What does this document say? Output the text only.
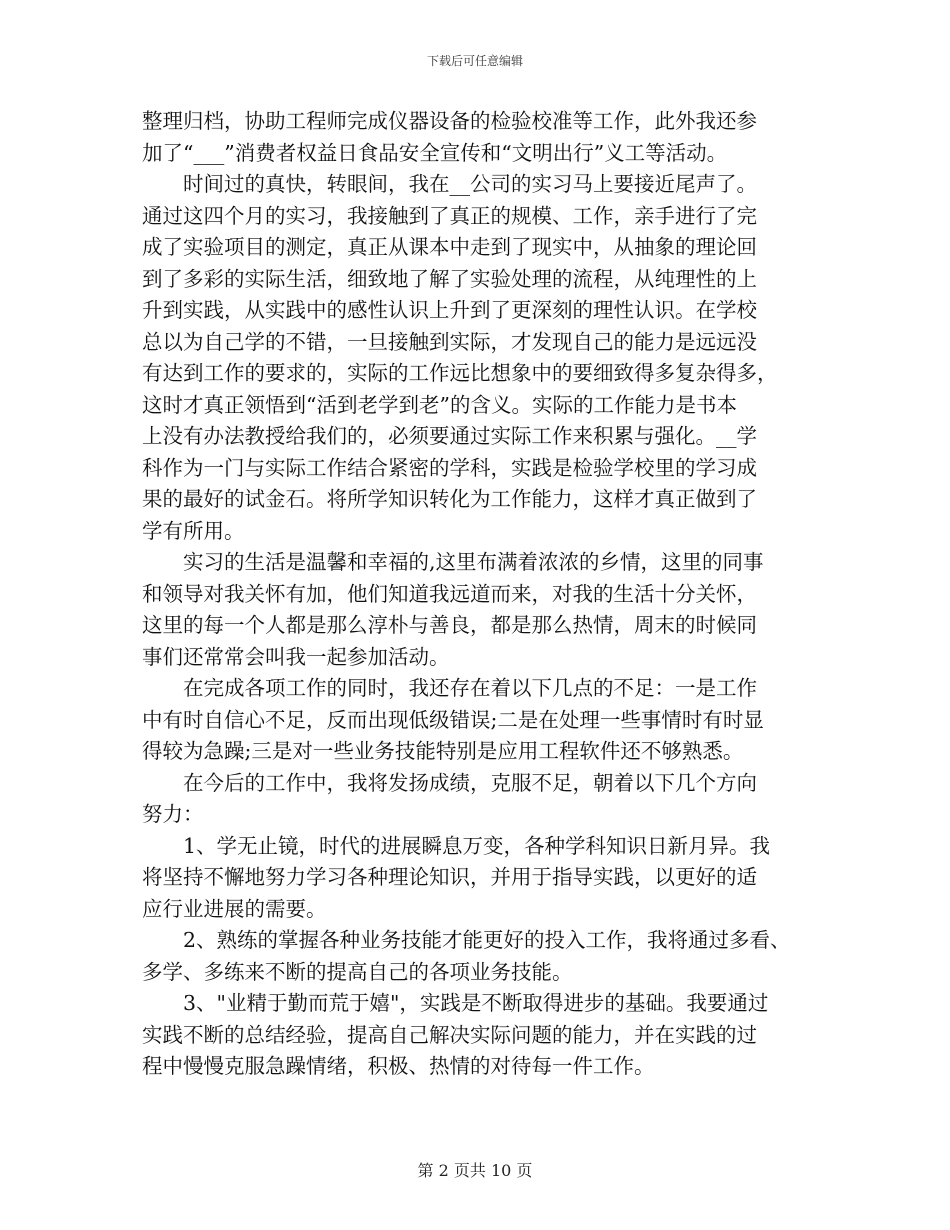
下载后可任意编辑

整理归档，协助工程师完成仪器设备的检验校准等工作，此外我还参

加了“___”消费者权益日食品安全宣传和“文明出行”义工等活动。

　　时间过的真快，转眼间，我在__公司的实习马上要接近尾声了。

通过这四个月的实习，我接触到了真正的规模、工作，亲手进行了完

成了实验项目的测定，真正从课本中走到了现实中，从抽象的理论回

到了多彩的实际生活，细致地了解了实验处理的流程，从纯理性的上

升到实践，从实践中的感性认识上升到了更深刻的理性认识。在学校

总以为自己学的不错，一旦接触到实际，才发现自己的能力是远远没

有达到工作的要求的，实际的工作远比想象中的要细致得多复杂得多，

这时才真正领悟到“活到老学到老”的含义。实际的工作能力是书本

上没有办法教授给我们的，必须要通过实际工作来积累与强化。__学

科作为一门与实际工作结合紧密的学科，实践是检验学校里的学习成

果的最好的试金石。将所学知识转化为工作能力，这样才真正做到了

学有所用。

　　实习的生活是温馨和幸福的,这里布满着浓浓的乡情，这里的同事

和领导对我关怀有加，他们知道我远道而来，对我的生活十分关怀，

这里的每一个人都是那么淳朴与善良，都是那么热情，周末的时候同

事们还常常会叫我一起参加活动。

　　在完成各项工作的同时，我还存在着以下几点的不足：一是工作

中有时自信心不足，反而出现低级错误;二是在处理一些事情时有时显

得较为急躁;三是对一些业务技能特别是应用工程软件还不够熟悉。

　　在今后的工作中，我将发扬成绩，克服不足，朝着以下几个方向

努力：

　　1、学无止镜，时代的进展瞬息万变，各种学科知识日新月异。我

将坚持不懈地努力学习各种理论知识，并用于指导实践，以更好的适

应行业进展的需要。

　　2、熟练的掌握各种业务技能才能更好的投入工作，我将通过多看、

多学、多练来不断的提高自己的各项业务技能。

　　3、"业精于勤而荒于嬉"，实践是不断取得进步的基础。我要通过

实践不断的总结经验，提高自己解决实际问题的能力，并在实践的过

程中慢慢克服急躁情绪，积极、热情的对待每一件工作。

第 2 页共 10 页
